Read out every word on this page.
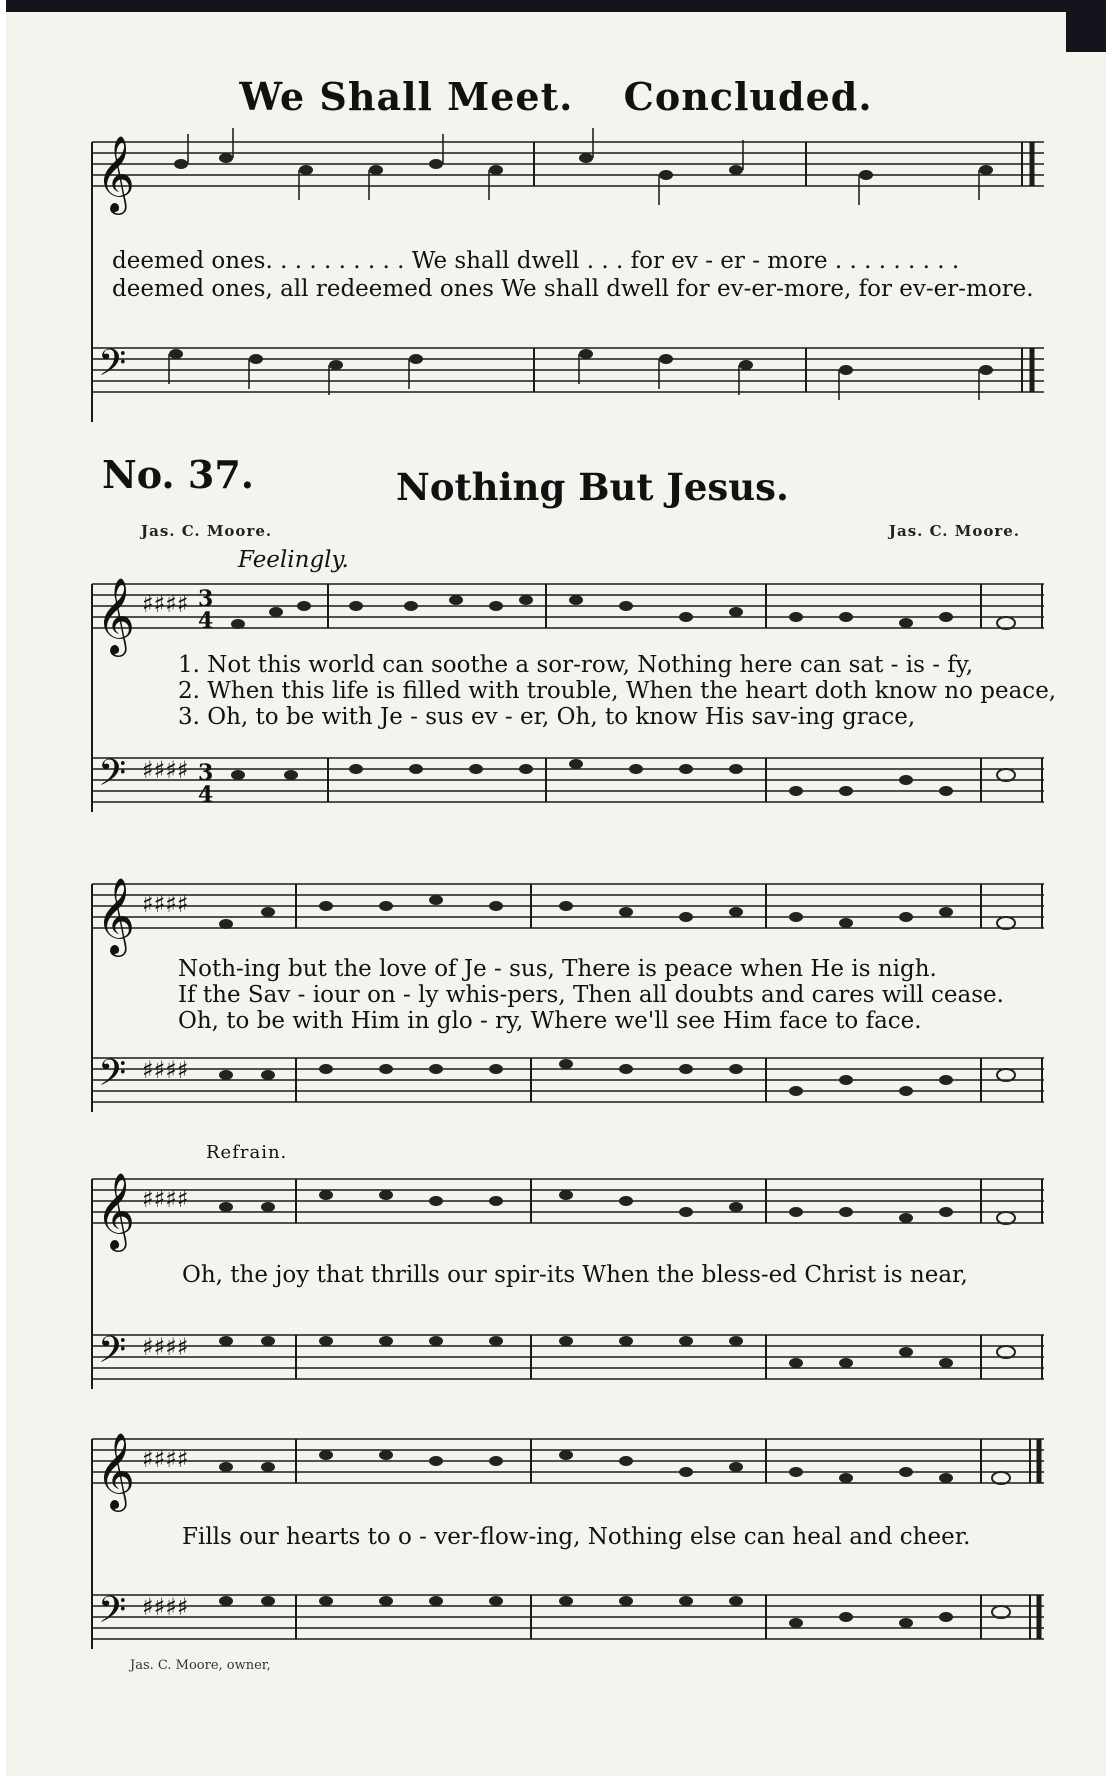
We Shall Meet. Concluded.
𝄞
𝄢
deemed ones. . . . . . . . . . We shall dwell . . . for ev - er - more . . . . . . . . .
deemed ones, all redeemed ones We shall dwell for ev-er-more, for ev-er-more.
No. 37.	Nothing But Jesus.
Jas. C. Moore.	Jas. C. Moore.
Feelingly.
𝄞 ♯♯♯♯ 3
4
𝄢 ♯♯♯♯ 3
4
1. Not this world can soothe a sor-row, Nothing here can sat - is - fy,
2. When this life is filled with trouble, When the heart doth know no peace,
3. Oh, to be with Je - sus ev - er, Oh, to know His sav-ing grace,
𝄞 ♯♯♯♯
𝄢 ♯♯♯♯
Noth-ing but the love of Je - sus, There is peace when He is nigh.
If the Sav - iour on - ly whis-pers, Then all doubts and cares will cease.
Oh, to be with Him in glo - ry, Where we'll see Him face to face.
Refrain.
𝄞 ♯♯♯♯
𝄢 ♯♯♯♯
Oh, the joy that thrills our spir-its When the bless-ed Christ is near,
𝄞 ♯♯♯♯
𝄢 ♯♯♯♯
Fills our hearts to o - ver-flow-ing, Nothing else can heal and cheer.
Jas. C. Moore, owner,
